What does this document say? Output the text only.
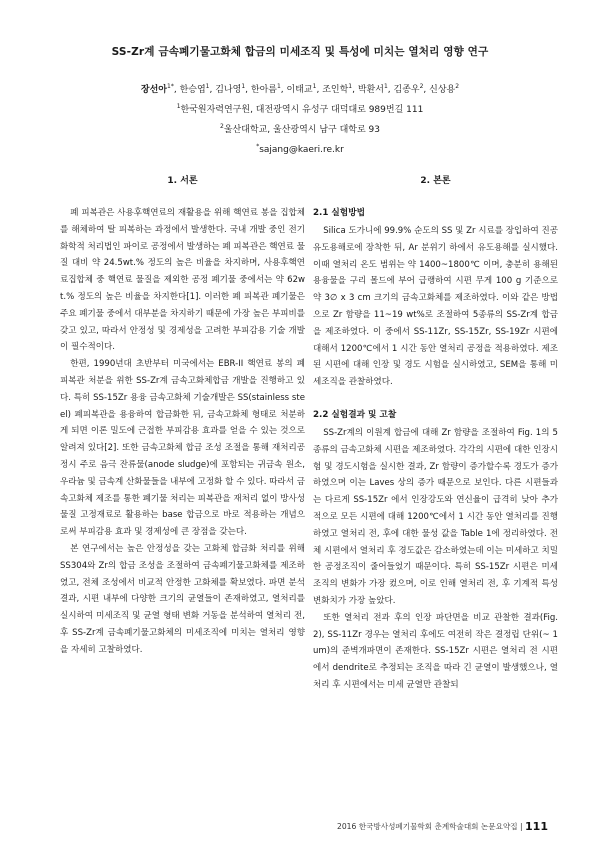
SS-Zr계 금속폐기물고화체 합금의 미세조직 및 특성에 미치는 열처리 영향 연구
장선아$^{1*}$, 한승엽$^1$, 김나영$^1$, 한아름$^1$, 이태교$^1$, 조인학$^1$, 박환서$^1$, 김종우$^2$, 신상용$^2$
$^1$한국원자력연구원, 대전광역시 유성구 대덕대로 989번길 111
$^2$울산대학교, 울산광역시 남구 대학로 93
*sajang@kaeri.re.kr
1. 서론

폐 피복관은 사용후핵연료의 재활용을 위해 핵연료 봉을 집합체를 해체하여 탈 피복하는 과정에서 발생한다. 국내 개발 중인 전기화학적 처리법인 파이로 공정에서 발생하는 폐 피복관은 핵연료 물질 대비 약 24.5wt.% 정도의 높은 비율을 차지하며, 사용후핵연료집합체 중 핵연료 물질을 제외한 공정 폐기물 중에서는 약 62wt.% 정도의 높은 비율을 차지한다[1]. 이러한 폐 피복관 폐기물은 주요 폐기물 중에서 대부분을 차지하기 때문에 가장 높은 부피비를 갖고 있고, 따라서 안정성 및 경제성을 고려한 부피감용 기술 개발이 필수적이다.

한편, 1990년대 초반부터 미국에서는 EBR-II 핵연료 봉의 폐 피복관 처분을 위한 SS-Zr계 금속고화체합금 개발을 진행하고 있다. 특히 SS-15Zr 용융 금속고화체 기술개발은 SS(stainless steel) 폐피복관을 용융하여 합금화한 뒤, 금속고화체 형태로 처분하게 되면 이론 밀도에 근접한 부피감용 효과를 얻을 수 있는 것으로 알려져 있다[2]. 또한 금속고화체 합금 조성 조절을 통해 재처리공정시 주로 음극 잔류물(anode sludge)에 포함되는 귀금속 원소, 우라늄 및 금속계 산화물들을 내부에 고정화 할 수 있다. 따라서 금속고화체 제조를 통한 폐기물 처리는 피복관을 재처리 없이 방사성물질 고정재료로 활용하는 base 합금으로 바로 적용하는 개념으로써 부피감용 효과 및 경제성에 큰 장점을 갖는다.

본 연구에서는 높은 안정성을 갖는 고화체 합금화 처리를 위해 SS304와 Zr의 합금 조성을 조절하여 금속폐기물고화체를 제조하였고, 전체 조성에서 비교적 안정한 고화체를 확보였다. 파면 분석 결과, 시편 내부에 다양한 크기의 균열들이 존재하였고, 열처리를 실시하여 미세조직 및 균열 형태 변화 거동을 분석하여 열처리 전, 후 SS-Zr계 금속폐기물고화체의 미세조직에 미치는 열처리 영향을 자세히 고찰하였다.

2. 본론
2.1 실험방법

Silica 도가니에 99.9% 순도의 SS 및 Zr 시료를 장입하여 진공유도용해로에 장착한 뒤, Ar 분위기 하에서 유도용해를 실시했다. 이때 열처리 온도 범위는 약 1400~1800℃ 이며, 충분히 용해된 용융물을 구리 몰드에 부어 급랭하여 시편 무게 100 g 기준으로 약 3∅ x 3 cm 크기의 금속고화체를 제조하였다. 이와 같은 방법으로 Zr 함량을 11~19 wt%로 조절하여 5종류의 SS-Zr계 합금을 제조하였다. 이 중에서 SS-11Zr, SS-15Zr, SS-19Zr 시편에 대해서 1200℃에서 1 시간 동안 열처리 공정을 적용하였다. 제조된 시편에 대해 인장 및 경도 시험을 실시하였고, SEM을 통해 미세조직을 관찰하였다.

2.2 실험결과 및 고찰

SS-Zr계의 이원계 합금에 대해 Zr 함량을 조절하여 Fig. 1의 5종류의 금속고화체 시편을 제조하였다. 각각의 시편에 대한 인장시험 및 경도시험을 실시한 결과, Zr 함량이 증가할수록 경도가 증가하였으며 이는 Laves 상의 증가 때문으로 보인다. 다른 시편들과는 다르게 SS-15Zr 에서 인장강도와 연신율이 급격히 낮아 추가적으로 모든 시편에 대해 1200℃에서 1 시간 동안 열처리를 진행하였고 열처리 전, 후에 대한 물성 값을 Table 1에 정리하였다. 전체 시편에서 열처리 후 경도값은 감소하였는데 이는 미세하고 치밀한 공정조직이 줄어들었기 때문이다. 특히 SS-15Zr 시편은 미세조직의 변화가 가장 컸으며, 이로 인해 열처리 전, 후 기계적 특성 변화치가 가장 높았다.

또한 열처리 전과 후의 인장 파단면을 비교 관찰한 결과(Fig. 2), SS-11Zr 경우는 열처리 후에도 여전히 작은 결정립 단위(~ 1 um)의 준벽개파면이 존재한다. SS-15Zr 시편은 열처리 전 시편에서 dendrite로 추정되는 조직을 따라 긴 균열이 발생했으나, 열처리 후 시편에서는 미세 균열만 관찰되

2016 한국방사성폐기물학회 춘계학술대회 논문요약집 | 111
